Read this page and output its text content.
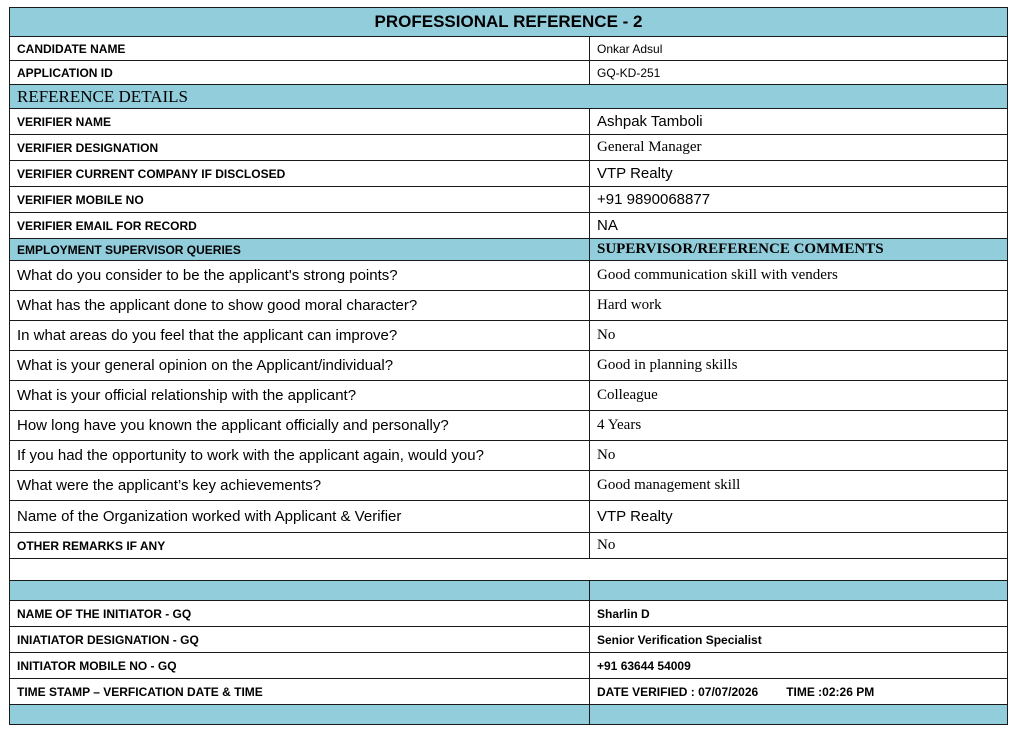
PROFESSIONAL REFERENCE - 2	
CANDIDATE NAME	Onkar Adsul
APPLICATION ID	GQ-KD-251
REFERENCE DETAILS	
VERIFIER NAME	Ashpak Tamboli
VERIFIER DESIGNATION	General Manager
VERIFIER CURRENT COMPANY IF DISCLOSED	VTP Realty
VERIFIER MOBILE NO	+91 9890068877
VERIFIER EMAIL FOR RECORD	NA
EMPLOYMENT SUPERVISOR QUERIES	SUPERVISOR/REFERENCE COMMENTS
What do you consider to be the applicant's strong points?	Good communication skill with venders
What has the applicant done to show good moral character?	Hard work
In what areas do you feel that the applicant can improve?	No
What is your general opinion on the Applicant/individual?	Good in planning skills
What is your official relationship with the applicant?	Colleague
How long have you known the applicant officially and personally?	4 Years
If you had the opportunity to work with the applicant again, would you?	No
What were the applicant’s key achievements?	Good management skill
Name of the Organization worked with Applicant & Verifier	VTP Realty
OTHER REMARKS IF ANY	No

NAME OF THE INITIATOR - GQ	Sharlin D
INIATIATOR DESIGNATION - GQ	Senior Verification Specialist
INITIATOR MOBILE NO - GQ	+91 63644 54009
TIME STAMP – VERFICATION DATE & TIME	DATE VERIFIED : 07/07/2026 TIME :02:26 PM
